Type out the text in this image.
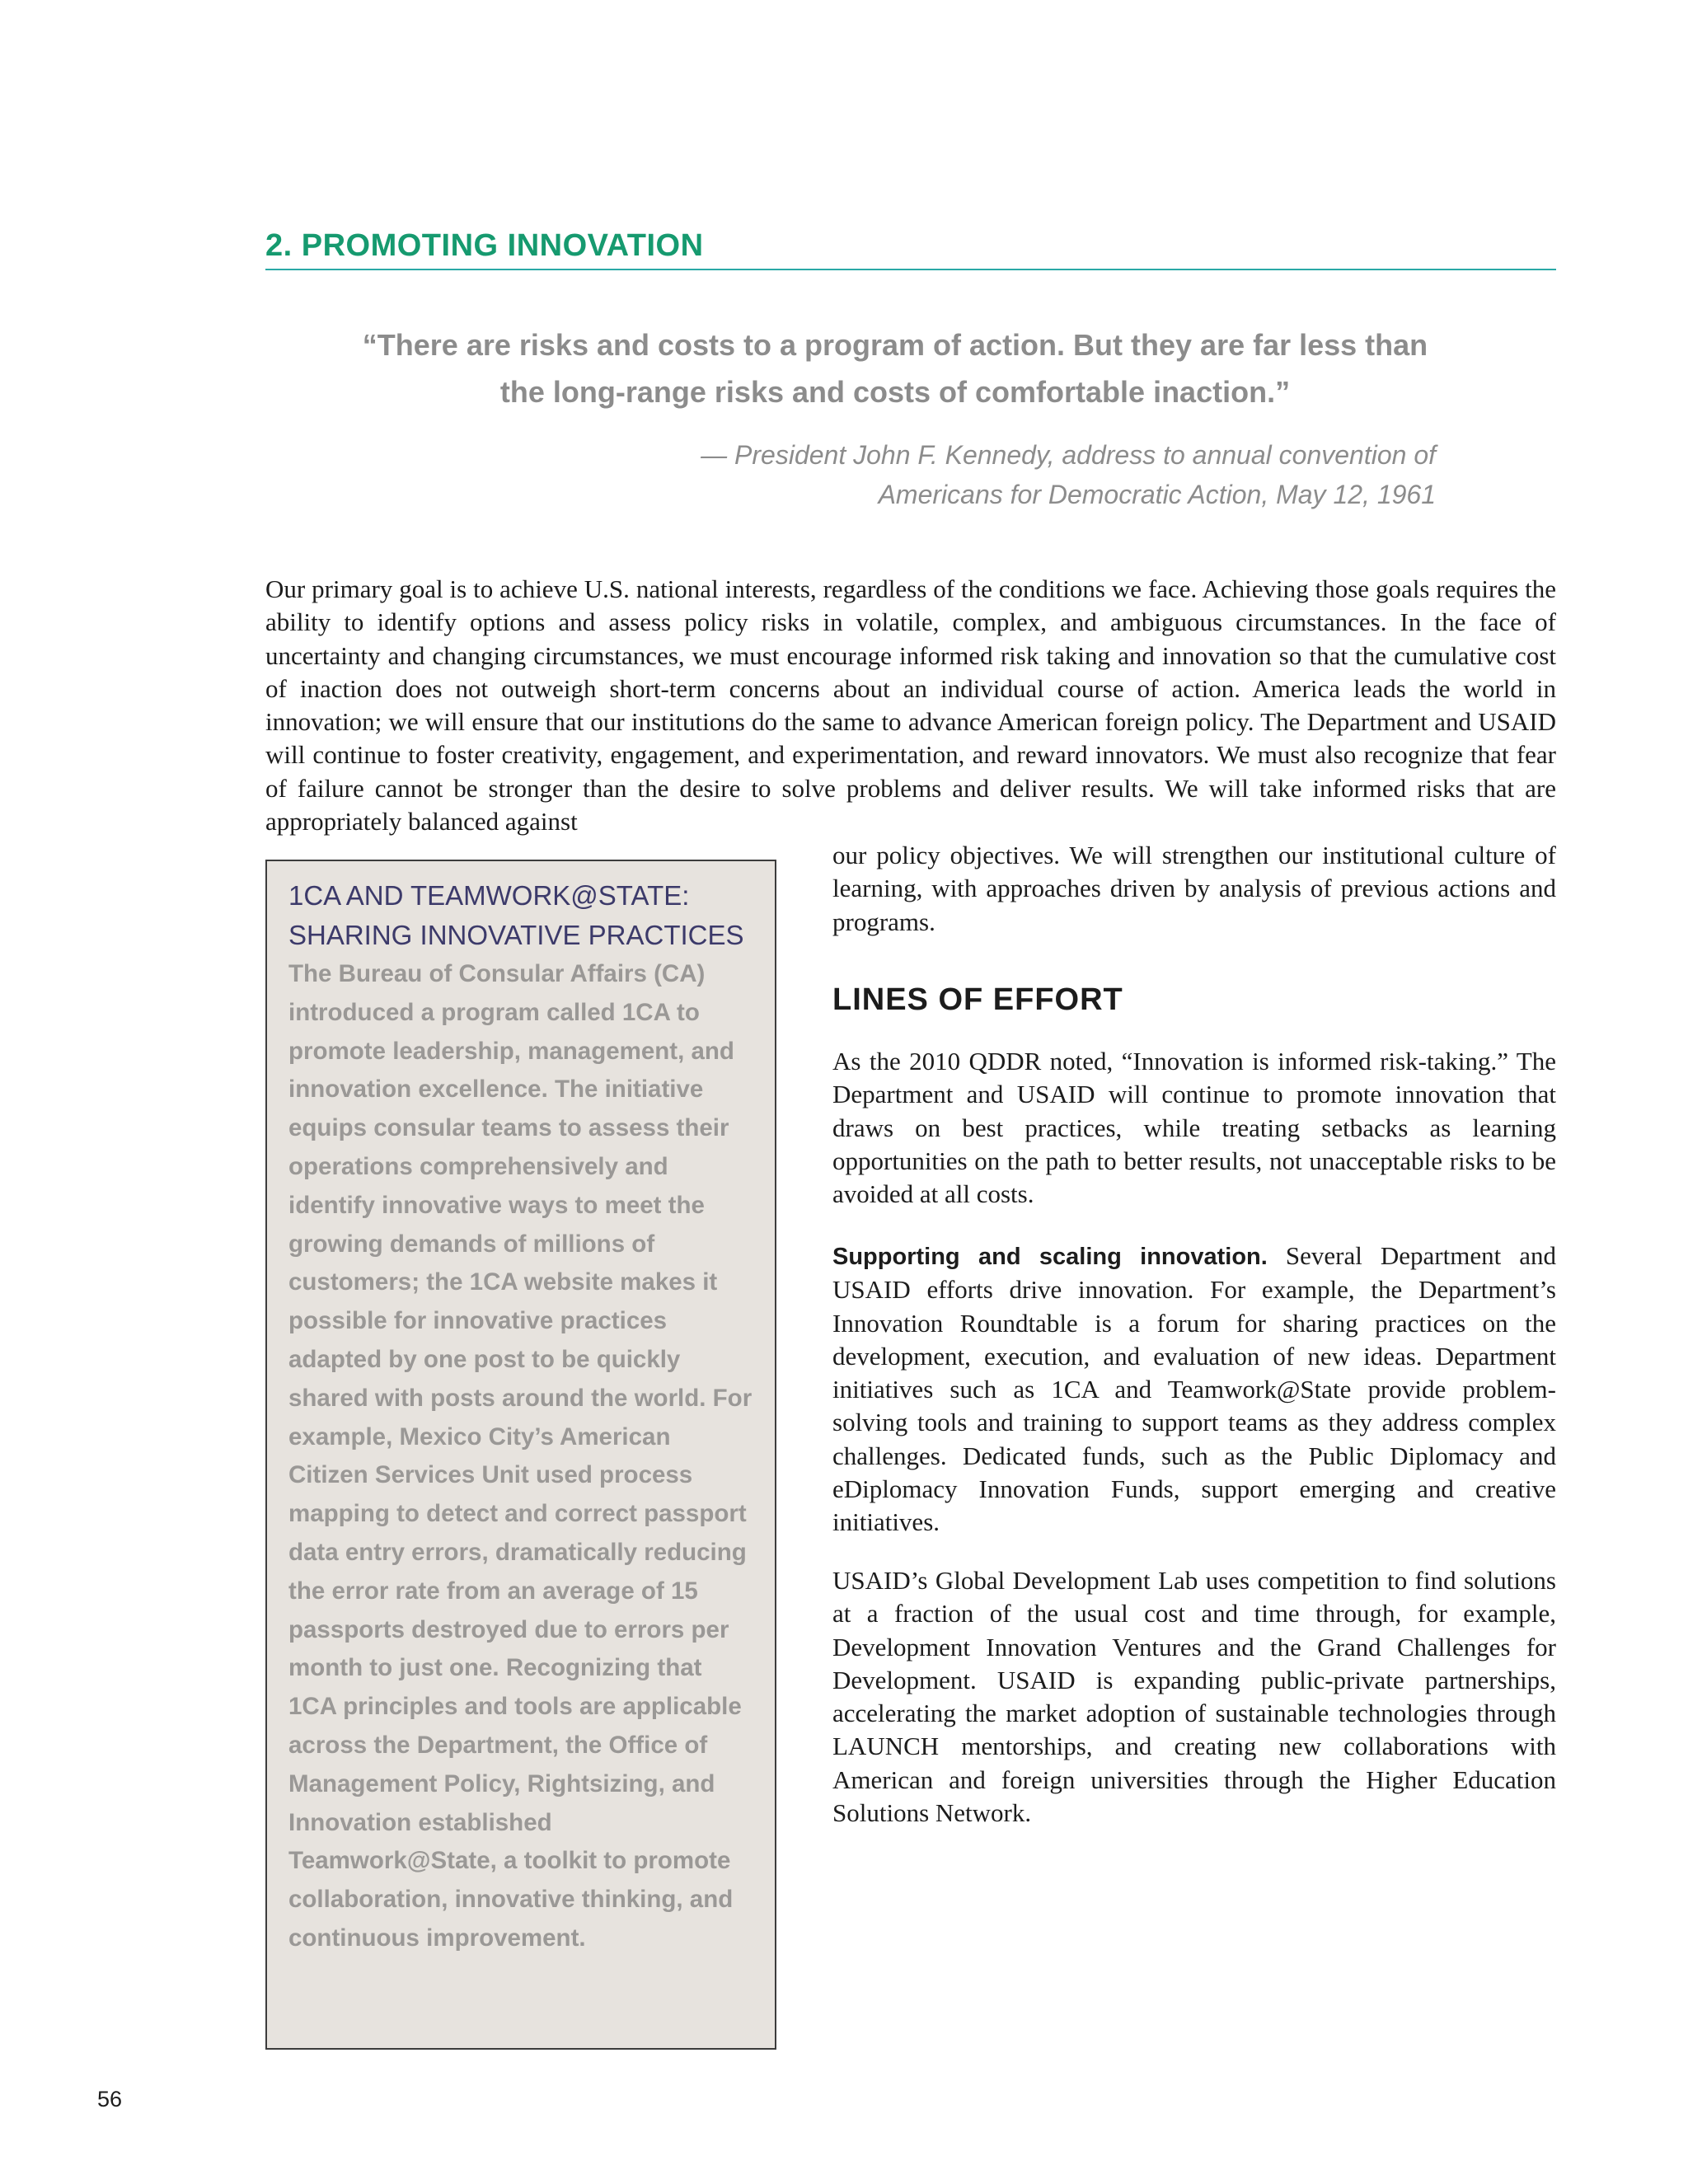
2. PROMOTING INNOVATION

“There are risks and costs to a program of action. But they are far less than the long-range risks and costs of comfortable inaction.”

— President John F. Kennedy, address to annual convention of
Americans for Democratic Action, May 12, 1961

Our primary goal is to achieve U.S. national interests, regardless of the conditions we face. Achieving those goals requires the ability to identify options and assess policy risks in volatile, complex, and ambiguous circumstances. In the face of uncertainty and changing circumstances, we must encourage informed risk taking and innovation so that the cumulative cost of inaction does not outweigh short-term concerns about an individual course of action. America leads the world in innovation; we will ensure that our institutions do the same to advance American foreign policy. The Department and USAID will continue to foster creativity, engagement, and experimentation, and reward innovators. We must also recognize that fear of failure cannot be stronger than the desire to solve problems and deliver results. We will take informed risks that are appropriately balanced against

our policy objectives. We will strengthen our institutional culture of learning, with approaches driven by analysis of previous actions and programs.

1CA AND TEAMWORK@STATE:
SHARING INNOVATIVE PRACTICES

The Bureau of Consular Affairs (CA) introduced a program called 1CA to promote leadership, management, and innovation excellence. The initiative equips consular teams to assess their operations comprehensively and identify innovative ways to meet the growing demands of millions of customers; the 1CA website makes it possible for innovative practices adapted by one post to be quickly shared with posts around the world. For example, Mexico City’s American Citizen Services Unit used process mapping to detect and correct passport data entry errors, dramatically reducing the error rate from an average of 15 passports destroyed due to errors per month to just one. Recognizing that 1CA principles and tools are applicable across the Department, the Office of Management Policy, Rightsizing, and Innovation established Teamwork@State, a toolkit to promote collaboration, innovative thinking, and continuous improvement.

LINES OF EFFORT

As the 2010 QDDR noted, “Innovation is informed risk-taking.” The Department and USAID will continue to promote innovation that draws on best practices, while treating setbacks as learning opportunities on the path to better results, not unacceptable risks to be avoided at all costs.

Supporting and scaling innovation. Several Department and USAID efforts drive innovation. For example, the Department’s Innovation Roundtable is a forum for sharing practices on the development, execution, and evaluation of new ideas. Department initiatives such as 1CA and Teamwork@State provide problem-solving tools and training to support teams as they address complex challenges. Dedicated funds, such as the Public Diplomacy and eDiplomacy Innovation Funds, support emerging and creative initiatives.

USAID’s Global Development Lab uses competition to find solutions at a fraction of the usual cost and time through, for example, Development Innovation Ventures and the Grand Challenges for Development. USAID is expanding public-private partnerships, accelerating the market adoption of sustainable technologies through LAUNCH mentorships, and creating new collaborations with American and foreign universities through the Higher Education Solutions Network.

56
